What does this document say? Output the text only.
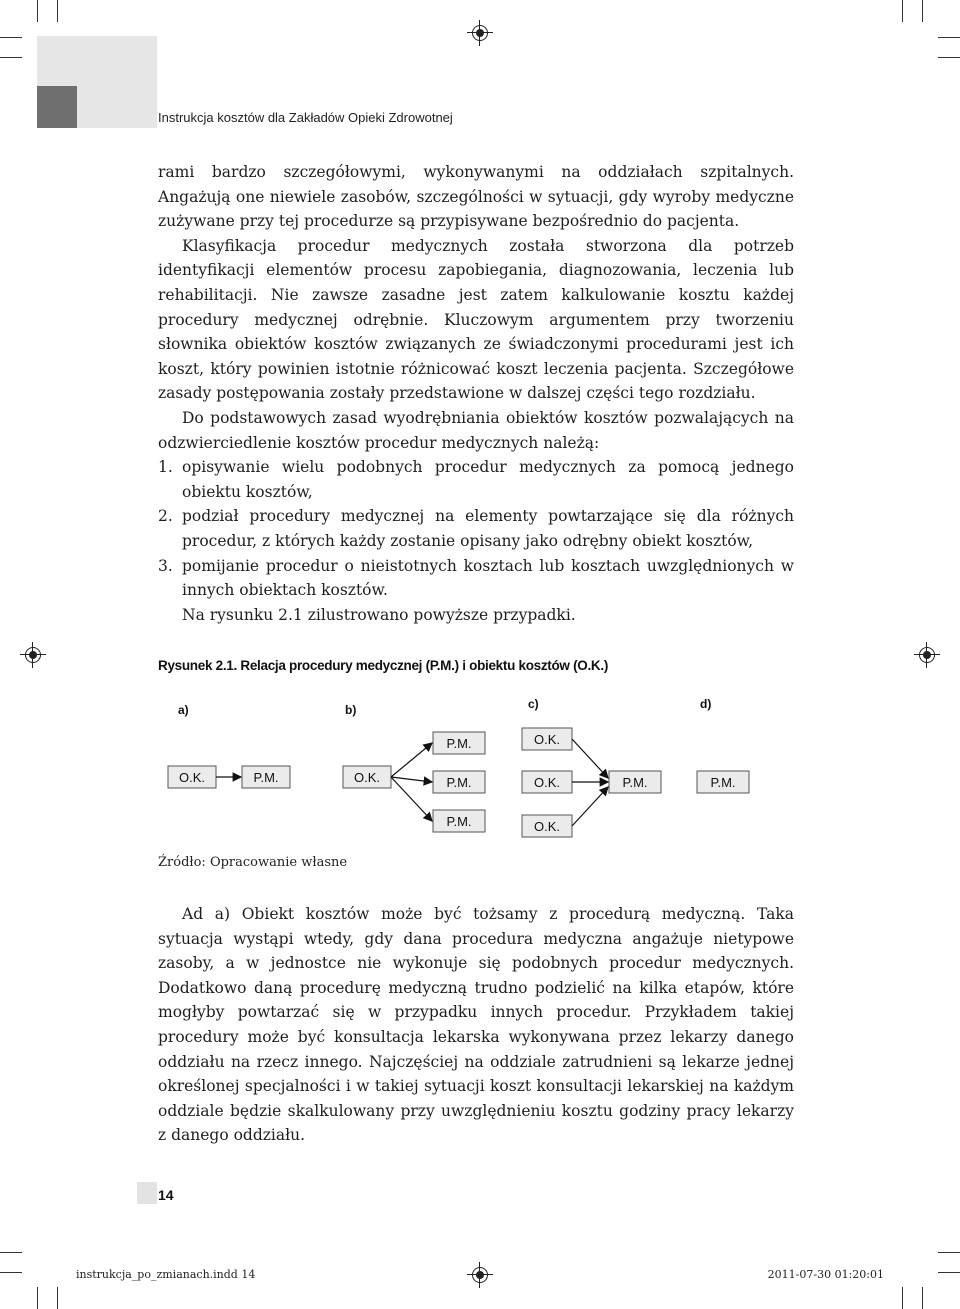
Instrukcja kosztów dla Zakładów Opieki Zdrowotnej

rami bardzo szczegółowymi, wykonywanymi na oddziałach szpitalnych. Angażują one niewiele zasobów, szczególności w sytuacji, gdy wyroby medyczne zużywane przy tej procedurze są przypisywane bezpośrednio do pacjenta.

Klasyfikacja procedur medycznych została stworzona dla potrzeb identyfikacji elementów procesu zapobiegania, diagnozowania, leczenia lub rehabilitacji. Nie zawsze zasadne jest zatem kalkulowanie kosztu każdej procedury medycznej odrębnie. Kluczowym argumentem przy tworzeniu słownika obiektów kosztów związanych ze świadczonymi procedurami jest ich koszt, który powinien istotnie różnicować koszt leczenia pacjenta. Szczegółowe zasady postępowania zostały przedstawione w dalszej części tego rozdziału.

Do podstawowych zasad wyodrębniania obiektów kosztów pozwalających na odzwierciedlenie kosztów procedur medycznych należą:

1. opisywanie wielu podobnych procedur medycznych za pomocą jednego obiektu kosztów,

2. podział procedury medycznej na elementy powtarzające się dla różnych procedur, z których każdy zostanie opisany jako odrębny obiekt kosztów,

3. pomijanie procedur o nieistotnych kosztach lub kosztach uwzględnionych w innych obiektach kosztów.

Na rysunku 2.1 zilustrowano powyższe przypadki.

Rysunek 2.1. Relacja procedury medycznej (P.M.) i obiektu kosztów (O.K.)
a)	b)	c)	d)
O.K.	P.M.	O.K.
P.M.
P.M.
P.M.
O.K.
O.K.
O.K.
P.M.	P.M.
Źródło: Opracowanie własne

Ad a) Obiekt kosztów może być tożsamy z procedurą medyczną. Taka sytuacja wystąpi wtedy, gdy dana procedura medyczna angażuje nietypowe zasoby, a w jednostce nie wykonuje się podobnych procedur medycznych. Dodatkowo daną procedurę medyczną trudno podzielić na kilka etapów, które mogłyby powtarzać się w przypadku innych procedur. Przykładem takiej procedury może być konsultacja lekarska wykonywana przez lekarzy danego oddziału na rzecz innego. Najczęściej na oddziale zatrudnieni są lekarze jednej określonej specjalności i w takiej sytuacji koszt konsultacji lekarskiej na każdym oddziale będzie skalkulowany przy uwzględnieniu kosztu godziny pracy lekarzy z danego oddziału.

14
instrukcja_po_zmianach.indd 14	2011-07-30 01:20:01
